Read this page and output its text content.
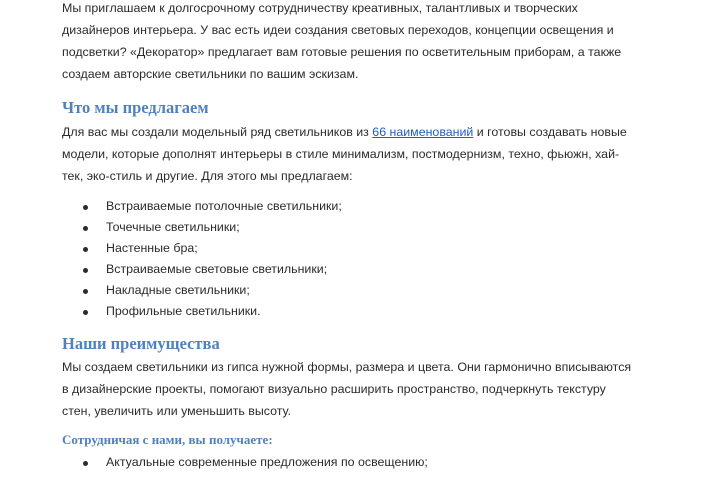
Мы приглашаем к долгосрочному сотрудничеству креативных, талантливых и творческих
дизайнеров интерьера. У вас есть идеи создания световых переходов, концепции освещения и
подсветки? «Декоратор» предлагает вам готовые решения по осветительным приборам, а также
создаем авторские светильники по вашим эскизам.

Что мы предлагаем

Для вас мы создали модельный ряд светильников из 66 наименований и готовы создавать новые
модели, которые дополнят интерьеры в стиле минимализм, постмодернизм, техно, фьюжн, хай-
тек, эко-стиль и другие. Для этого мы предлагаем:

Встраиваемые потолочные светильники;
Точечные светильники;
Настенные бра;
Встраиваемые световые светильники;
Накладные светильники;
Профильные светильники.
Наши преимущества

Мы создаем светильники из гипса нужной формы, размера и цвета. Они гармонично вписываются
в дизайнерские проекты, помогают визуально расширить пространство, подчеркнуть текстуру
стен, увеличить или уменьшить высоту.

Сотрудничая с нами, вы получаете:
Актуальные современные предложения по освещению;
